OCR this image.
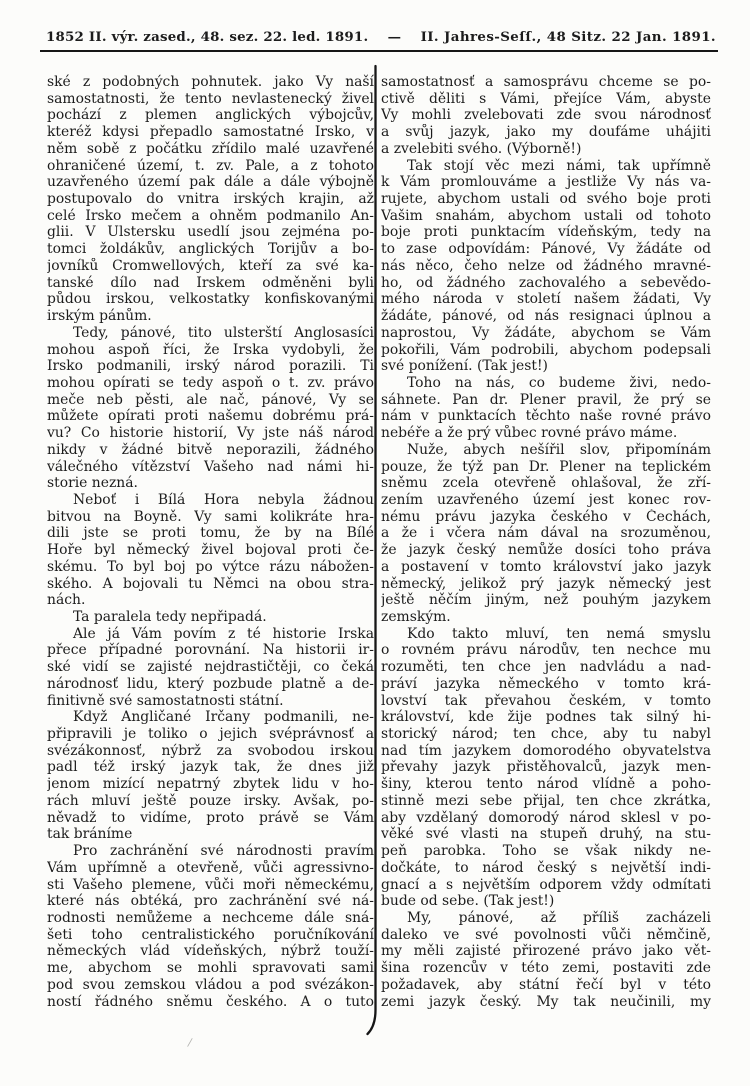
1852 II. výr. zased., 48. sez. 22. led. 1891. — II. Jahres-Seſſ., 48 Sitz. 22 Jan. 1891.
ské z podobných pohnutek. jako Vy naší
samostatnosti, že tento nevlastenecký živel
pochází z plemen anglických výbojcův,
kteréž kdysi přepadlo samostatné Irsko, v
něm sobě z počátku zřídilo malé uzavřené
ohraničené území, t. zv. Pale, a z tohoto
uzavřeného území pak dále a dále výbojně
postupovalo do vnitra irských krajin, až
celé Irsko mečem a ohněm podmanilo An-
glii. V Ulstersku usedlí jsou zejména po-
tomci žoldákův, anglických Torijův a bo-
jovníků Cromwellových, kteří za své ka-
tanské dílo nad Irskem odměněni byli
půdou irskou, velkostatky konfiskovanými
irským pánům.
Tedy, pánové, tito ulsterští Anglosasíci
mohou aspoň říci, že Irska vydobyli, že
Irsko podmanili, irský národ porazili. Ti
mohou opírati se tedy aspoň o t. zv. právo
meče neb pěsti, ale nač, pánové, Vy se
můžete opírati proti našemu dobrému prá-
vu? Co historie historií, Vy jste náš národ
nikdy v žádné bitvě neporazili, žádného
válečného vítězství Vašeho nad námi hi-
storie nezná.
Neboť i Bílá Hora nebyla žádnou
bitvou na Boyně. Vy sami kolikráte hra-
dili jste se proti tomu, že by na Bílé
Hoře byl německý živel bojoval proti če-
skému. To byl boj po výtce rázu nábožen-
ského. A bojovali tu Němci na obou stra-
nách.
Ta paralela tedy nepřipadá.
Ale já Vám povím z té historie Irska
přece případné porovnání. Na historii ir-
ské vidí se zajisté nejdrastičtěji, co čeká
národnosť lidu, který pozbude platně a de-
finitivně své samostatnosti státní.
Když Angličané Irčany podmanili, ne-
připravili je toliko o jejich svéprávnosť a
svézákonnosť, nýbrž za svobodou irskou
padl též irský jazyk tak, že dnes již
jenom mizící nepatrný zbytek lidu v ho-
rách mluví ještě pouze irsky. Avšak, po-
něvadž to vidíme, proto právě se Vám
tak bráníme
Pro zachránění své národnosti pravím
Vám upřímně a otevřeně, vůči agressivno-
sti Vašeho plemene, vůči moři německému,
které nás obtéká, pro zachránění své ná-
rodnosti nemůžeme a nechceme dále sná-
šeti toho centralistického poručníkování
německých vlád vídeňských, nýbrž touží-
me, abychom se mohli spravovati sami
pod svou zemskou vládou a pod svézákon-
ností řádného sněmu českého. A o tuto
samostatnosť a samosprávu chceme se po-
ctivě děliti s Vámi, přejíce Vám, abyste
Vy mohli zvelebovati zde svou národnosť
a svůj jazyk, jako my doufáme uhájiti
a zvelebiti svého. (Výborně!)
Tak stojí věc mezi námi, tak upřímně
k Vám promlouváme a jestliže Vy nás va-
rujete, abychom ustali od svého boje proti
Vašim snahám, abychom ustali od tohoto
boje proti punktacím vídeňským, tedy na
to zase odpovídám: Pánové, Vy žádáte od
nás něco, čeho nelze od žádného mravné-
ho, od žádného zachovalého a sebevědo-
mého národa v století našem žádati, Vy
žádáte, pánové, od nás resignaci úplnou a
naprostou, Vy žádáte, abychom se Vám
pokořili, Vám podrobili, abychom podepsali
své ponížení. (Tak jest!)
Toho na nás, co budeme živi, nedo-
sáhnete. Pan dr. Plener pravil, že prý se
nám v punktacích těchto naše rovné právo
nebéře a že prý vůbec rovné právo máme.
Nuže, abych nešířil slov, připomínám
pouze, že týž pan Dr. Plener na teplickém
sněmu zcela otevřeně ohlašoval, že zří-
zením uzavřeného území jest konec rov-
nému právu jazyka českého v Čechách,
a že i včera nám dával na srozuměnou,
že jazyk český nemůže dosíci toho práva
a postavení v tomto království jako jazyk
německý, jelikož prý jazyk německý jest
ještě něčím jiným, než pouhým jazykem
zemským.
Kdo takto mluví, ten nemá smyslu
o rovném právu národův, ten nechce mu
rozuměti, ten chce jen nadvládu a nad-
práví jazyka německého v tomto krá-
lovství tak převahou českém, v tomto
království, kde žije podnes tak silný hi-
storický národ; ten chce, aby tu nabyl
nad tím jazykem domorodého obyvatelstva
převahy jazyk přistěhovalců, jazyk men-
šiny, kterou tento národ vlídně a poho-
stinně mezi sebe přijal, ten chce zkrátka,
aby vzdělaný domorodý národ sklesl v po-
věké své vlasti na stupeň druhý, na stu-
peň parobka. Toho se však nikdy ne-
dočkáte, to národ český s největší indi-
gnací a s největším odporem vždy odmítati
bude od sebe. (Tak jest!)
My, pánové, až příliš zacházeli
daleko ve své povolnosti vůči němčině,
my měli zajisté přirozené právo jako vět-
šina rozencův v této zemi, postaviti zde
požadavek, aby státní řečí byl v této
zemi jazyk český. My tak neučinili, my
/
